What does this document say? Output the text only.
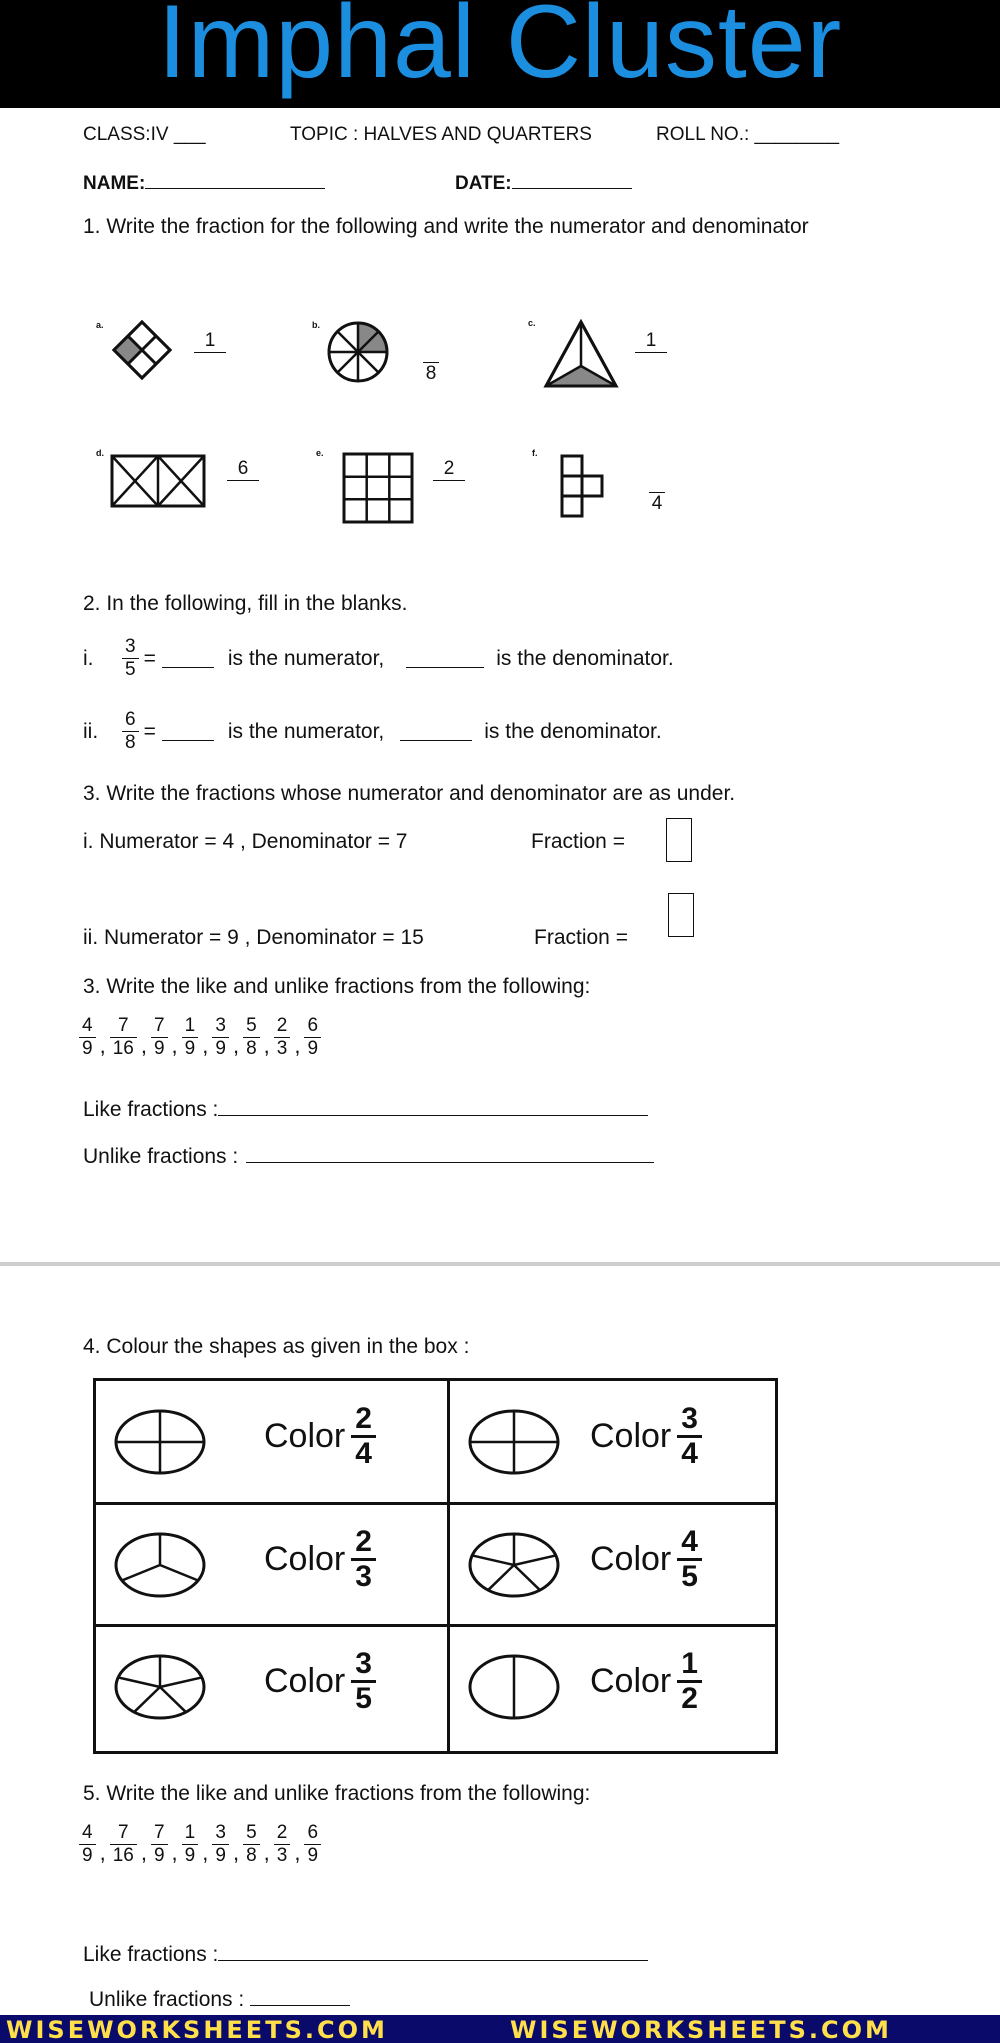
Imphal Cluster
CLASS:IV ___	TOPIC : HALVES AND QUARTERS	ROLL NO.: ________
NAME:	DATE:
1. Write the fraction for the following and write the numerator and denominator
a.
1
b.
8
c.
1
d.
6
e.
2
f.
4
2. In the following, fill in the blanks.
i.	$\frac{3}{5}$ =	is the numerator,	is the denominator.
ii.	$\frac{6}{8}$ =	is the numerator,	is the denominator.
3. Write the fractions whose numerator and denominator are as under.
i. Numerator = 4 , Denominator = 7	Fraction =
ii. Numerator = 9 , Denominator = 15	Fraction =
3. Write the like and unlike fractions from the following:
$\frac{4}{9}$ , $\frac{7}{16}$ , $\frac{7}{9}$ , $\frac{1}{9}$ , $\frac{3}{9}$ , $\frac{5}{8}$ , $\frac{2}{3}$ , $\frac{6}{9}$
Like fractions :
Unlike fractions :
4. Colour the shapes as given in the box :
Color $\frac{2}{4}$	Color $\frac{3}{4}$
Color $\frac{2}{3}$	Color $\frac{4}{5}$
Color $\frac{3}{5}$	Color $\frac{1}{2}$
5. Write the like and unlike fractions from the following:
$\frac{4}{9}$ , $\frac{7}{16}$ , $\frac{7}{9}$ , $\frac{1}{9}$ , $\frac{3}{9}$ , $\frac{5}{8}$ , $\frac{2}{3}$ , $\frac{6}{9}$
Like fractions :
Unlike fractions :
WISEWORKSHEETS.COM	WISEWORKSHEETS.COM
